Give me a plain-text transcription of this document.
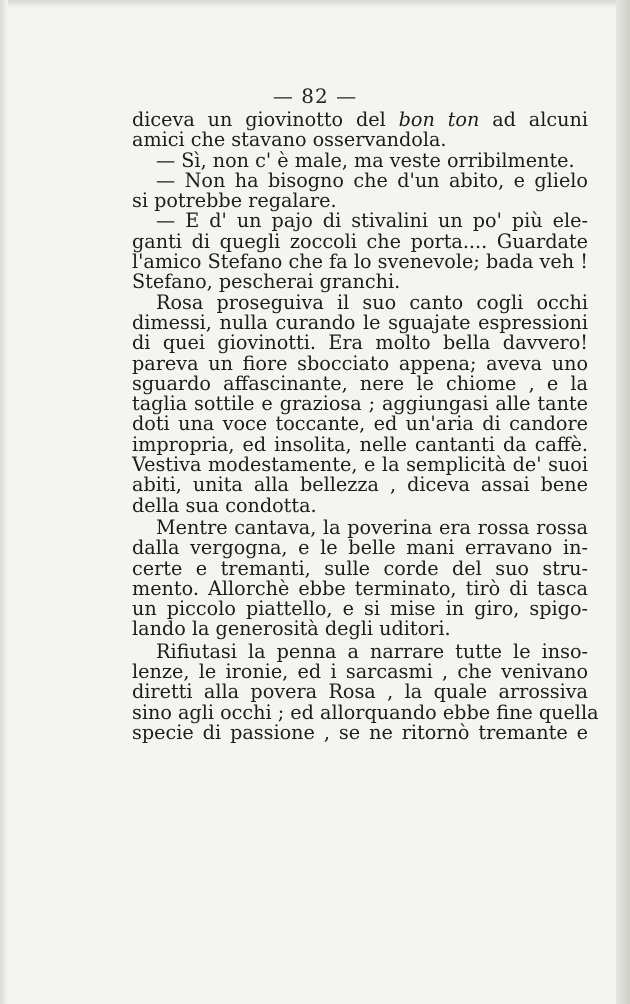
— 82 —
diceva un giovinotto del bon ton ad alcuni
amici che stavano osservandola.
— Sì, non c' è male, ma veste orribilmente.
— Non ha bisogno che d'un abito, e glielo
si potrebbe regalare.
— E d' un pajo di stivalini un po' più ele-
ganti di quegli zoccoli che porta.... Guardate
l'amico Stefano che fa lo svenevole; bada veh !
Stefano, pescherai granchi.
Rosa proseguiva il suo canto cogli occhi
dimessi, nulla curando le sguajate espressioni
di quei giovinotti. Era molto bella davvero!
pareva un fiore sbocciato appena; aveva uno
sguardo affascinante, nere le chiome , e la
taglia sottile e graziosa ; aggiungasi alle tante
doti una voce toccante, ed un'aria di candore
impropria, ed insolita, nelle cantanti da caffè.
Vestiva modestamente, e la semplicità de' suoi
abiti, unita alla bellezza , diceva assai bene
della sua condotta.
Mentre cantava, la poverina era rossa rossa
dalla vergogna, e le belle mani erravano in-
certe e tremanti, sulle corde del suo stru-
mento. Allorchè ebbe terminato, tirò di tasca
un piccolo piattello, e si mise in giro, spigo-
lando la generosità degli uditori.
Rifiutasi la penna a narrare tutte le inso-
lenze, le ironie, ed i sarcasmi , che venivano
diretti alla povera Rosa , la quale arrossiva
sino agli occhi ; ed allorquando ebbe fine quella
specie di passione , se ne ritornò tremante e
